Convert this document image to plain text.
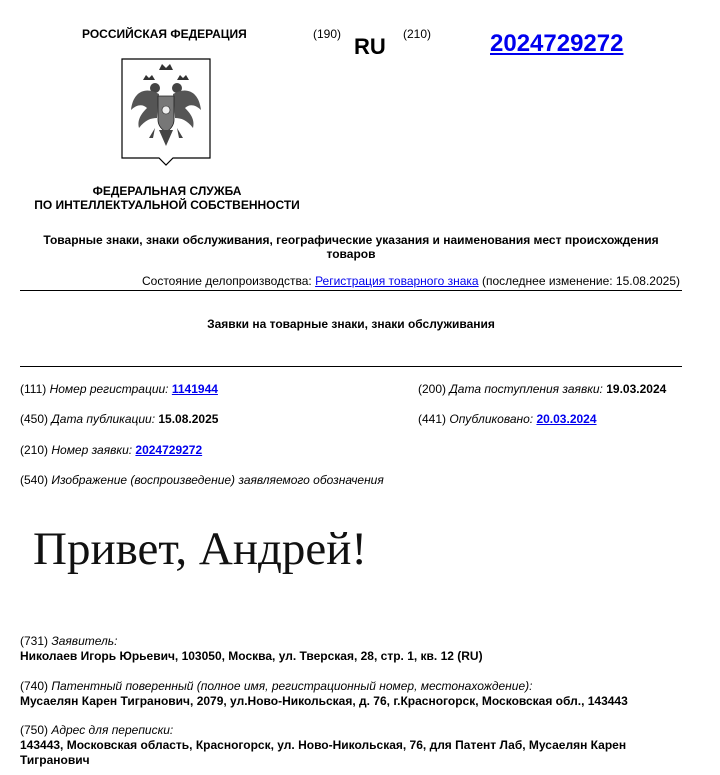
РОССИЙСКАЯ ФЕДЕРАЦИЯ	(190) RU (210) 2024729272
ФЕДЕРАЛЬНАЯ СЛУЖБА
ПО ИНТЕЛЛЕКТУАЛЬНОЙ СОБСТВЕННОСТИ
Товарные знаки, знаки обслуживания, географические указания и наименования мест происхождения товаров
Состояние делопроизводства: Регистрация товарного знака (последнее изменение: 15.08.2025)
Заявки на товарные знаки, знаки обслуживания
(111) Номер регистрации: 1141944	(200) Дата поступления заявки: 19.03.2024
(450) Дата публикации: 15.08.2025	(441) Опубликовано: 20.03.2024
(210) Номер заявки: 2024729272
(540) Изображение (воспроизведение) заявляемого обозначения
Привет, Андрей!
(731) Заявитель:
Николаев Игорь Юрьевич, 103050, Москва, ул. Тверская, 28, стр. 1, кв. 12 (RU)
(740) Патентный поверенный (полное имя, регистрационный номер, местонахождение):
Мусаелян Карен Тигранович, 2079, ул.Ново-Никольская, д. 76, г.Красногорск, Московская обл., 143443
(750) Адрес для переписки:
143443, Московская область, Красногорск, ул. Ново-Никольская, 76, для Патент Лаб, Мусаелян Карен Тигранович
